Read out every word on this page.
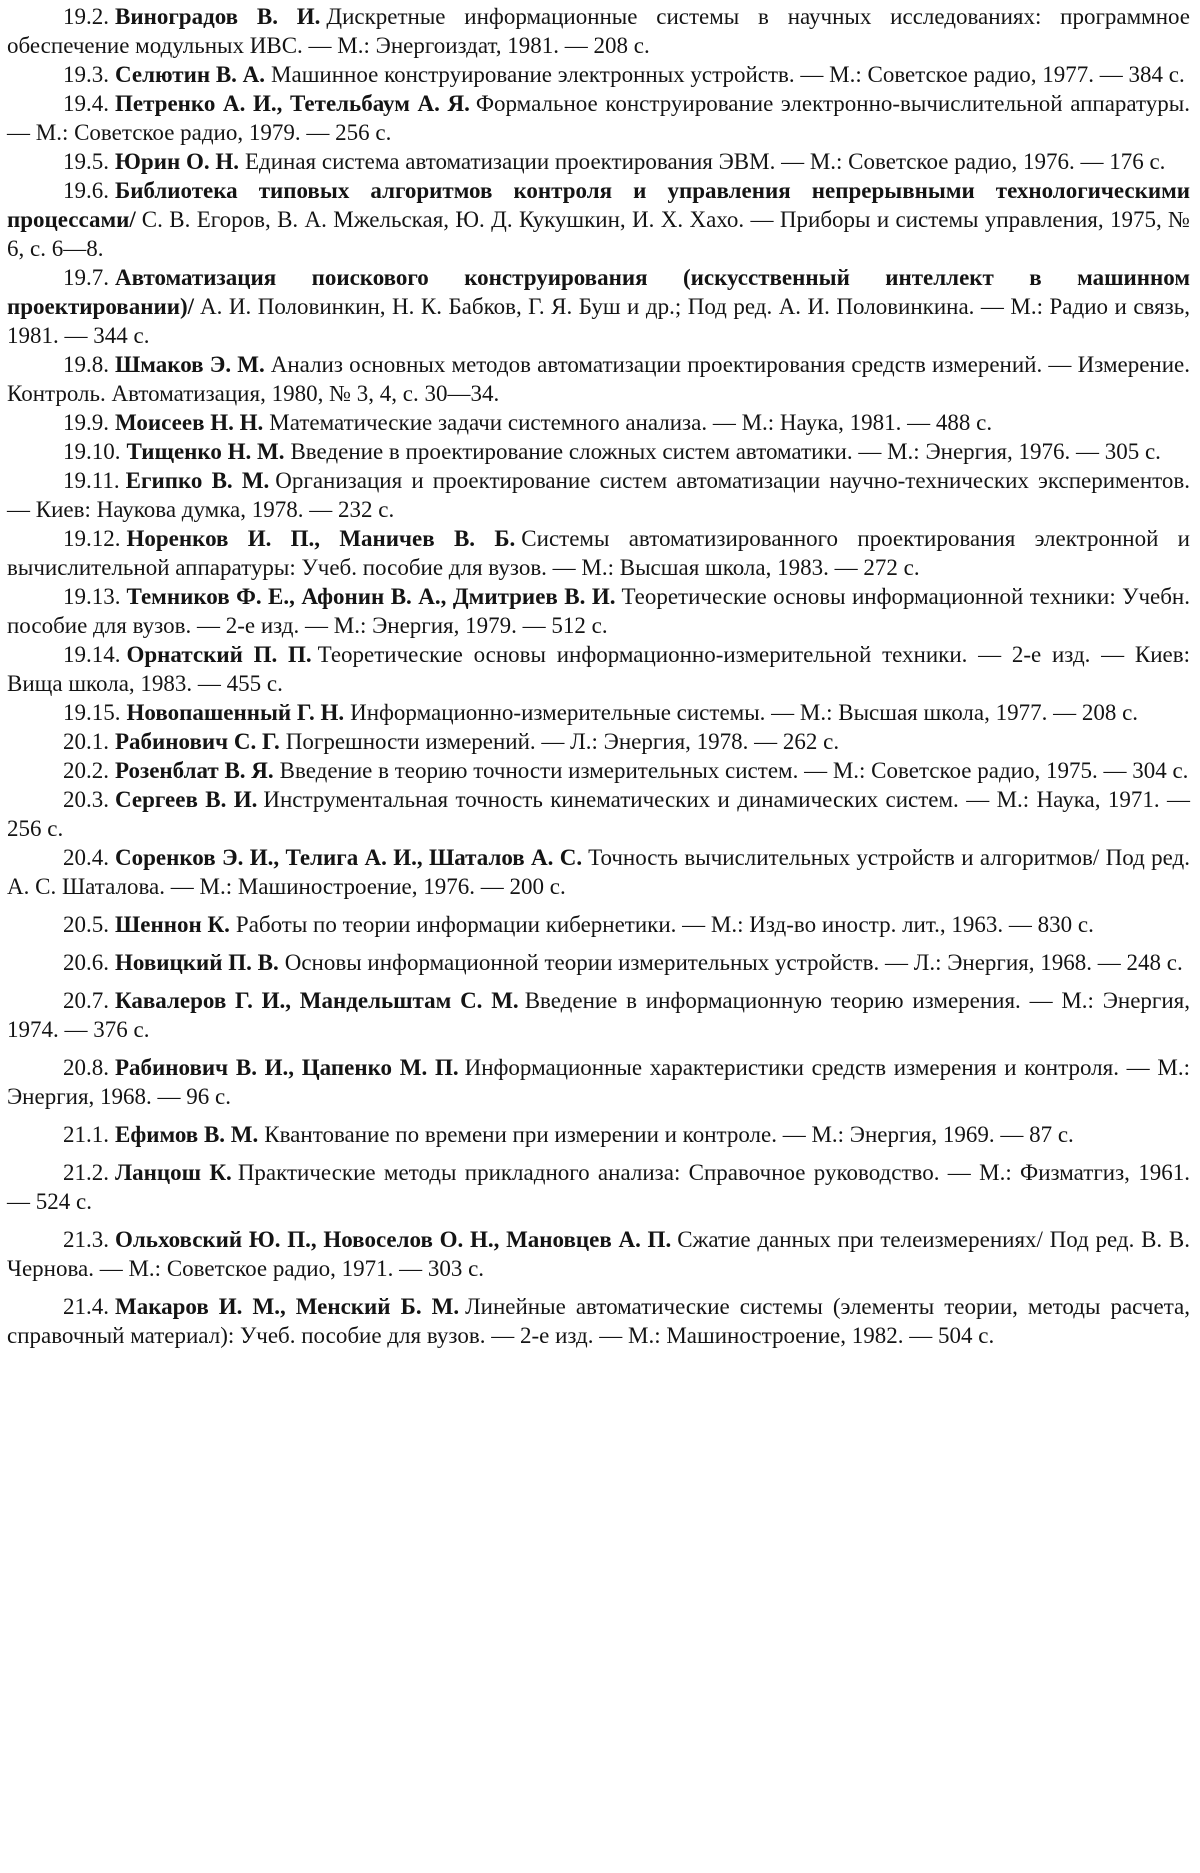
19.2. Виноградов В. И. Дискретные информационные системы в научных исследованиях: программное обеспечение модульных ИВС. — М.: Энергоиздат, 1981. — 208 с.

19.3. Селютин В. А. Машинное конструирование электронных устройств. — М.: Советское радио, 1977. — 384 с.

19.4. Петренко А. И., Тетельбаум А. Я. Формальное конструирование электронно-вычислительной аппаратуры. — М.: Советское радио, 1979. — 256 с.

19.5. Юрин О. Н. Единая система автоматизации проектирования ЭВМ. — М.: Советское радио, 1976. — 176 с.

19.6. Библиотека типовых алгоритмов контроля и управления непрерывными технологическими процессами/ С. В. Егоров, В. А. Мжельская, Ю. Д. Кукушкин, И. Х. Хахо. — Приборы и системы управления, 1975, № 6, с. 6—8.

19.7. Автоматизация поискового конструирования (искусственный интеллект в машинном проектировании)/ А. И. Половинкин, Н. К. Бабков, Г. Я. Буш и др.; Под ред. А. И. Половинкина. — М.: Радио и связь, 1981. — 344 с.

19.8. Шмаков Э. М. Анализ основных методов автоматизации проектирования средств измерений. — Измерение. Контроль. Автоматизация, 1980, № 3, 4, с. 30—34.

19.9. Моисеев Н. Н. Математические задачи системного анализа. — М.: Наука, 1981. — 488 с.

19.10. Тищенко Н. М. Введение в проектирование сложных систем автоматики. — М.: Энергия, 1976. — 305 с.

19.11. Египко В. М. Организация и проектирование систем автоматизации научно-технических экспериментов. — Киев: Наукова думка, 1978. — 232 с.

19.12. Норенков И. П., Маничев В. Б. Системы автоматизированного проектирования электронной и вычислительной аппаратуры: Учеб. пособие для вузов. — М.: Высшая школа, 1983. — 272 с.

19.13. Темников Ф. Е., Афонин В. А., Дмитриев В. И. Теоретические основы информационной техники: Учебн. пособие для вузов. — 2-е изд. — М.: Энергия, 1979. — 512 с.

19.14. Орнатский П. П. Теоретические основы информационно-измерительной техники. — 2-е изд. — Киев: Вища школа, 1983. — 455 с.

19.15. Новопашенный Г. Н. Информационно-измерительные системы. — М.: Высшая школа, 1977. — 208 с.

20.1. Рабинович С. Г. Погрешности измерений. — Л.: Энергия, 1978. — 262 с.

20.2. Розенблат В. Я. Введение в теорию точности измерительных систем. — М.: Советское радио, 1975. — 304 с.

20.3. Сергеев В. И. Инструментальная точность кинематических и динамических систем. — М.: Наука, 1971. — 256 с.

20.4. Соренков Э. И., Телига А. И., Шаталов А. С. Точность вычислительных устройств и алгоритмов/ Под ред. А. С. Шаталова. — М.: Машиностроение, 1976. — 200 с.

20.5. Шеннон К. Работы по теории информации кибернетики. — М.: Изд-во иностр. лит., 1963. — 830 с.

20.6. Новицкий П. В. Основы информационной теории измерительных устройств. — Л.: Энергия, 1968. — 248 с.

20.7. Кавалеров Г. И., Мандельштам С. М. Введение в информационную теорию измерения. — М.: Энергия, 1974. — 376 с.

20.8. Рабинович В. И., Цапенко М. П. Информационные характеристики средств измерения и контроля. — М.: Энергия, 1968. — 96 с.

21.1. Ефимов В. М. Квантование по времени при измерении и контроле. — М.: Энергия, 1969. — 87 с.

21.2. Ланцош К. Практические методы прикладного анализа: Справочное руководство. — М.: Физматгиз, 1961. — 524 с.

21.3. Ольховский Ю. П., Новоселов О. Н., Мановцев А. П. Сжатие данных при телеизмерениях/ Под ред. В. В. Чернова. — М.: Советское радио, 1971. — 303 с.

21.4. Макаров И. М., Менский Б. М. Линейные автоматические системы (элементы теории, методы расчета, справочный материал): Учеб. пособие для вузов. — 2-е изд. — М.: Машиностроение, 1982. — 504 с.
